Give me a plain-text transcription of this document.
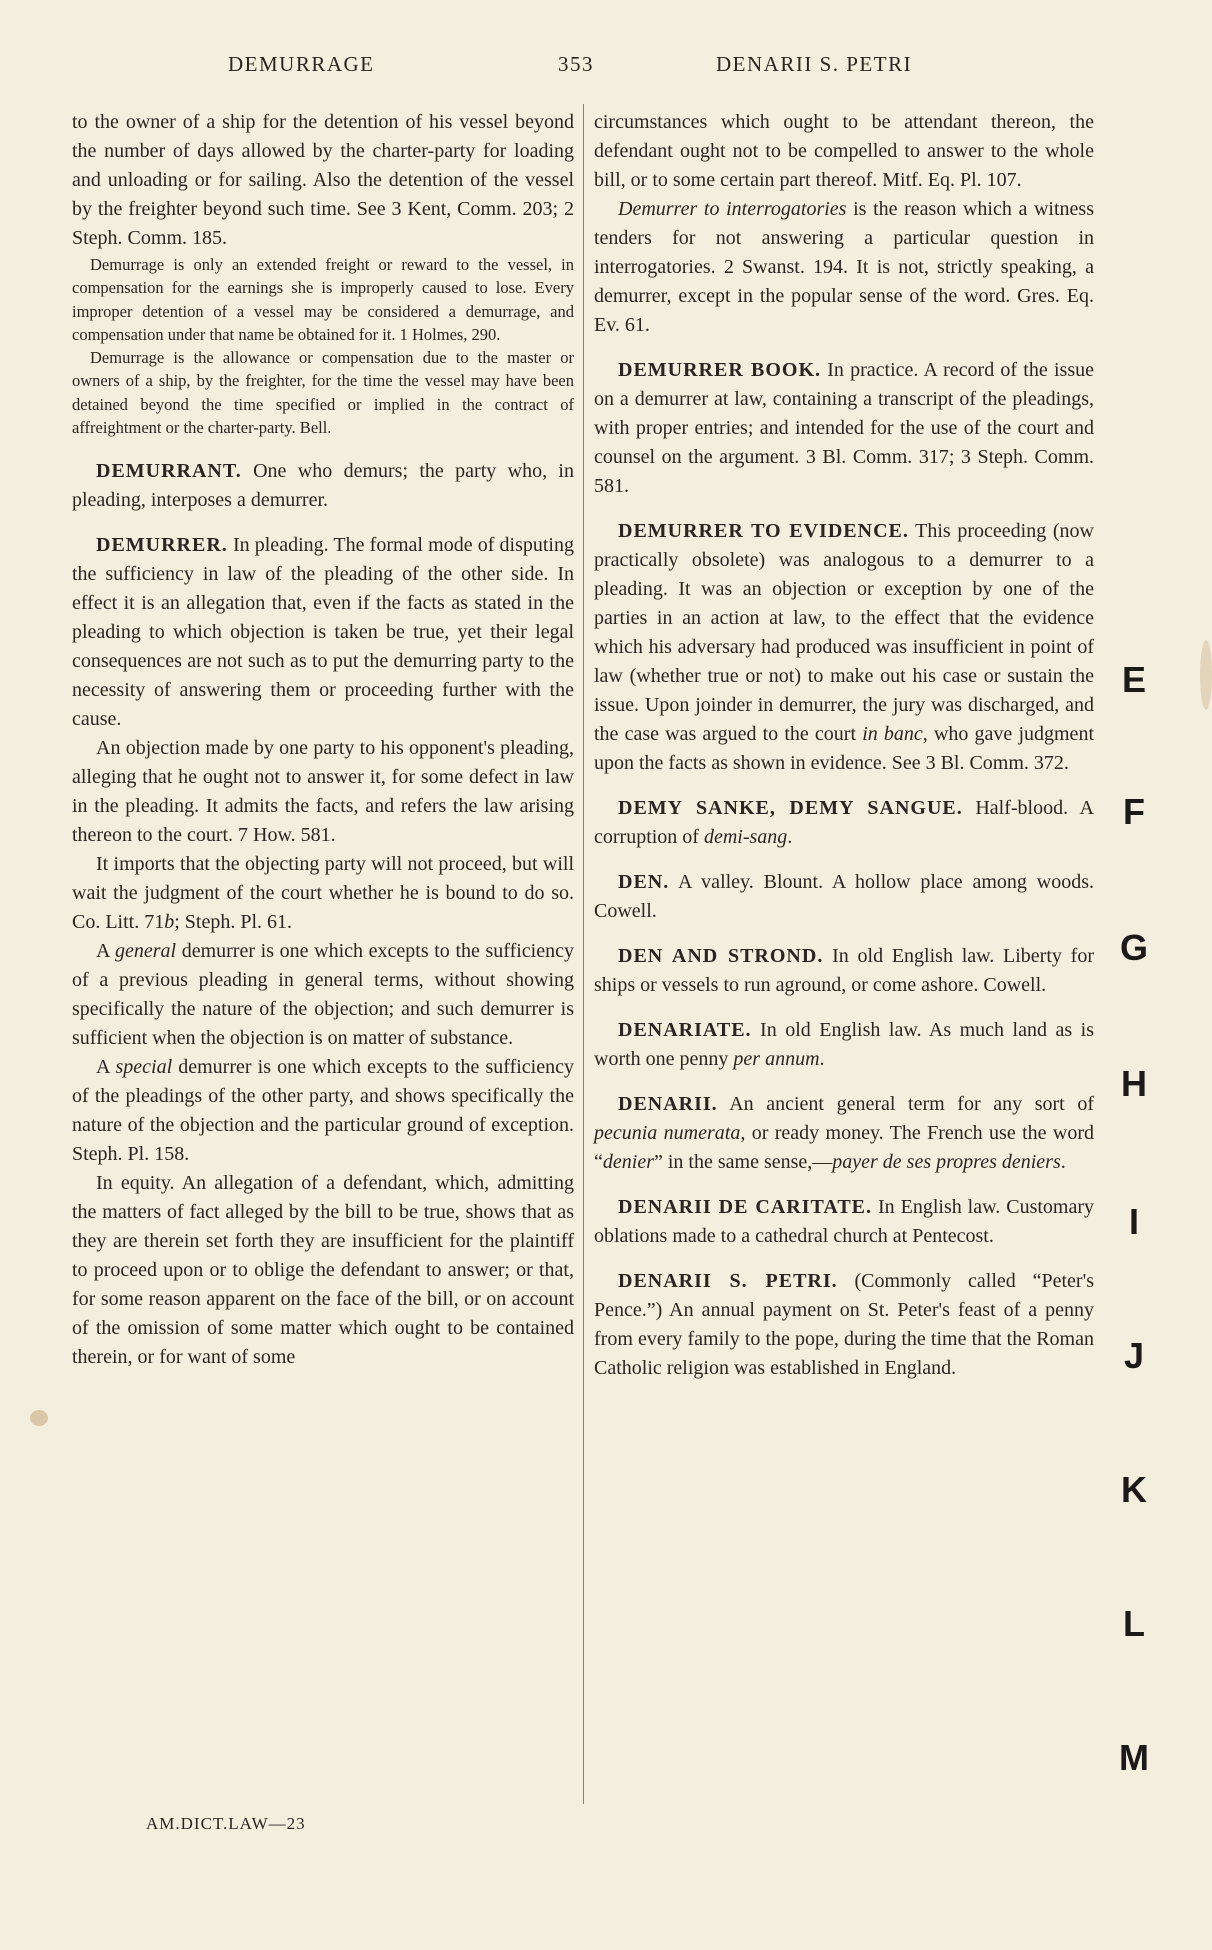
DEMURRAGE	353	DENARII S. PETRI

to the owner of a ship for the detention of his vessel beyond the number of days allowed by the charter-party for loading and unloading or for sailing. Also the detention of the vessel by the freighter beyond such time. See 3 Kent, Comm. 203; 2 Steph. Comm. 185.

Demurrage is only an extended freight or reward to the vessel, in compensation for the earnings she is improperly caused to lose. Every improper detention of a vessel may be considered a demurrage, and compensation under that name be obtained for it. 1 Holmes, 290.

Demurrage is the allowance or compensation due to the master or owners of a ship, by the freighter, for the time the vessel may have been detained beyond the time specified or implied in the contract of affreightment or the charter-party. Bell.

DEMURRANT. One who demurs; the party who, in pleading, interposes a demurrer.

DEMURRER. In pleading. The formal mode of disputing the sufficiency in law of the pleading of the other side. In effect it is an allegation that, even if the facts as stated in the pleading to which objection is taken be true, yet their legal consequences are not such as to put the demurring party to the necessity of answering them or proceeding further with the cause.

An objection made by one party to his opponent's pleading, alleging that he ought not to answer it, for some defect in law in the pleading. It admits the facts, and refers the law arising thereon to the court. 7 How. 581.

It imports that the objecting party will not proceed, but will wait the judgment of the court whether he is bound to do so. Co. Litt. 71b; Steph. Pl. 61.

A general demurrer is one which excepts to the sufficiency of a previous pleading in general terms, without showing specifically the nature of the objection; and such demurrer is sufficient when the objection is on matter of substance.

A special demurrer is one which excepts to the sufficiency of the pleadings of the other party, and shows specifically the nature of the objection and the particular ground of exception. Steph. Pl. 158.

In equity. An allegation of a defendant, which, admitting the matters of fact alleged by the bill to be true, shows that as they are therein set forth they are insufficient for the plaintiff to proceed upon or to oblige the defendant to answer; or that, for some reason apparent on the face of the bill, or on account of the omission of some matter which ought to be contained therein, or for want of some

circumstances which ought to be attendant thereon, the defendant ought not to be compelled to answer to the whole bill, or to some certain part thereof. Mitf. Eq. Pl. 107.

Demurrer to interrogatories is the reason which a witness tenders for not answering a particular question in interrogatories. 2 Swanst. 194. It is not, strictly speaking, a demurrer, except in the popular sense of the word. Gres. Eq. Ev. 61.

DEMURRER BOOK. In practice. A record of the issue on a demurrer at law, containing a transcript of the pleadings, with proper entries; and intended for the use of the court and counsel on the argument. 3 Bl. Comm. 317; 3 Steph. Comm. 581.

DEMURRER TO EVIDENCE. This proceeding (now practically obsolete) was analogous to a demurrer to a pleading. It was an objection or exception by one of the parties in an action at law, to the effect that the evidence which his adversary had produced was insufficient in point of law (whether true or not) to make out his case or sustain the issue. Upon joinder in demurrer, the jury was discharged, and the case was argued to the court in banc, who gave judgment upon the facts as shown in evidence. See 3 Bl. Comm. 372.

DEMY SANKE, DEMY SANGUE. Half-blood. A corruption of demi-sang.

DEN. A valley. Blount. A hollow place among woods. Cowell.

DEN AND STROND. In old English law. Liberty for ships or vessels to run aground, or come ashore. Cowell.

DENARIATE. In old English law. As much land as is worth one penny per annum.

DENARII. An ancient general term for any sort of pecunia numerata, or ready money. The French use the word “denier” in the same sense,—payer de ses propres deniers.

DENARII DE CARITATE. In English law. Customary oblations made to a cathedral church at Pentecost.

DENARII S. PETRI. (Commonly called “Peter's Pence.”) An annual payment on St. Peter's feast of a penny from every family to the pope, during the time that the Roman Catholic religion was established in England.

AM.DICT.LAW—23
E
F
G
H
I
J
K
L
M
